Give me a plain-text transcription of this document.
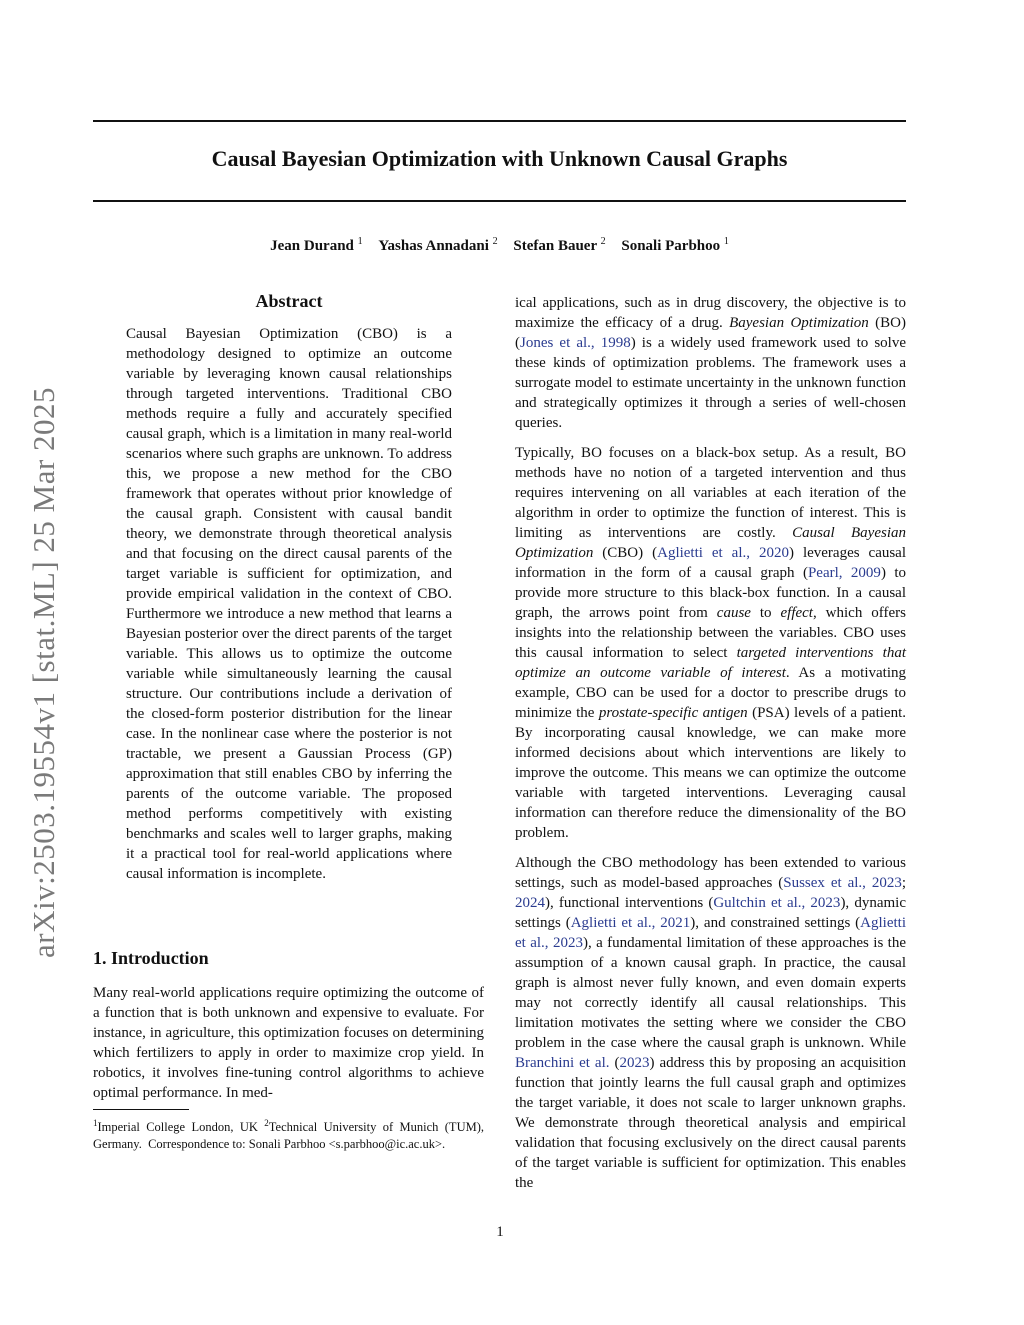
Causal Bayesian Optimization with Unknown Causal Graphs
Jean Durand $^1$ Yashas Annadani $^2$ Stefan Bauer $^2$ Sonali Parbhoo $^1$
arXiv:2503.19554v1 [stat.ML] 25 Mar 2025
Abstract
Causal Bayesian Optimization (CBO) is a methodology designed to optimize an outcome variable by leveraging known causal relationships through targeted interventions. Traditional CBO methods require a fully and accurately specified causal graph, which is a limitation in many real-world scenarios where such graphs are unknown. To address this, we propose a new method for the CBO framework that operates without prior knowledge of the causal graph. Consistent with causal bandit theory, we demonstrate through theoretical analysis and that focusing on the direct causal parents of the target variable is sufficient for optimization, and provide empirical validation in the context of CBO. Furthermore we introduce a new method that learns a Bayesian posterior over the direct parents of the target variable. This allows us to optimize the outcome variable while simultaneously learning the causal structure. Our contributions include a derivation of the closed-form posterior distribution for the linear case. In the nonlinear case where the posterior is not tractable, we present a Gaussian Process (GP) approximation that still enables CBO by inferring the parents of the outcome variable. The proposed method performs competitively with existing benchmarks and scales well to larger graphs, making it a practical tool for real-world applications where causal information is incomplete.
1. Introduction
Many real-world applications require optimizing the outcome of a function that is both unknown and expensive to evaluate. For instance, in agriculture, this optimization focuses on determining which fertilizers to apply in order to maximize crop yield. In robotics, it involves fine-tuning control algorithms to achieve optimal performance. In med-
$^1$Imperial College London, UK $^2$Technical University of Munich (TUM), Germany. Correspondence to: Sonali Parbhoo <s.parbhoo@ic.ac.uk>.

ical applications, such as in drug discovery, the objective is to maximize the efficacy of a drug. Bayesian Optimization (BO) (Jones et al., 1998) is a widely used framework used to solve these kinds of optimization problems. The framework uses a surrogate model to estimate uncertainty in the unknown function and strategically optimizes it through a series of well-chosen queries.

Typically, BO focuses on a black-box setup. As a result, BO methods have no notion of a targeted intervention and thus requires intervening on all variables at each iteration of the algorithm in order to optimize the function of interest. This is limiting as interventions are costly. Causal Bayesian Optimization (CBO) (Aglietti et al., 2020) leverages causal information in the form of a causal graph (Pearl, 2009) to provide more structure to this black-box function. In a causal graph, the arrows point from cause to effect, which offers insights into the relationship between the variables. CBO uses this causal information to select targeted interventions that optimize an outcome variable of interest. As a motivating example, CBO can be used for a doctor to prescribe drugs to minimize the prostate-specific antigen (PSA) levels of a patient. By incorporating causal knowledge, we can make more informed decisions about which interventions are likely to improve the outcome. This means we can optimize the outcome variable with targeted interventions. Leveraging causal information can therefore reduce the dimensionality of the BO problem.

Although the CBO methodology has been extended to various settings, such as model-based approaches (Sussex et al., 2023; 2024), functional interventions (Gultchin et al., 2023), dynamic settings (Aglietti et al., 2021), and constrained settings (Aglietti et al., 2023), a fundamental limitation of these approaches is the assumption of a known causal graph. In practice, the causal graph is almost never fully known, and even domain experts may not correctly identify all causal relationships. This limitation motivates the setting where we consider the CBO problem in the case where the causal graph is unknown. While Branchini et al. (2023) address this by proposing an acquisition function that jointly learns the full causal graph and optimizes the target variable, it does not scale to larger unknown graphs. We demonstrate through theoretical analysis and empirical validation that focusing exclusively on the direct causal parents of the target variable is sufficient for optimization. This enables the

1
